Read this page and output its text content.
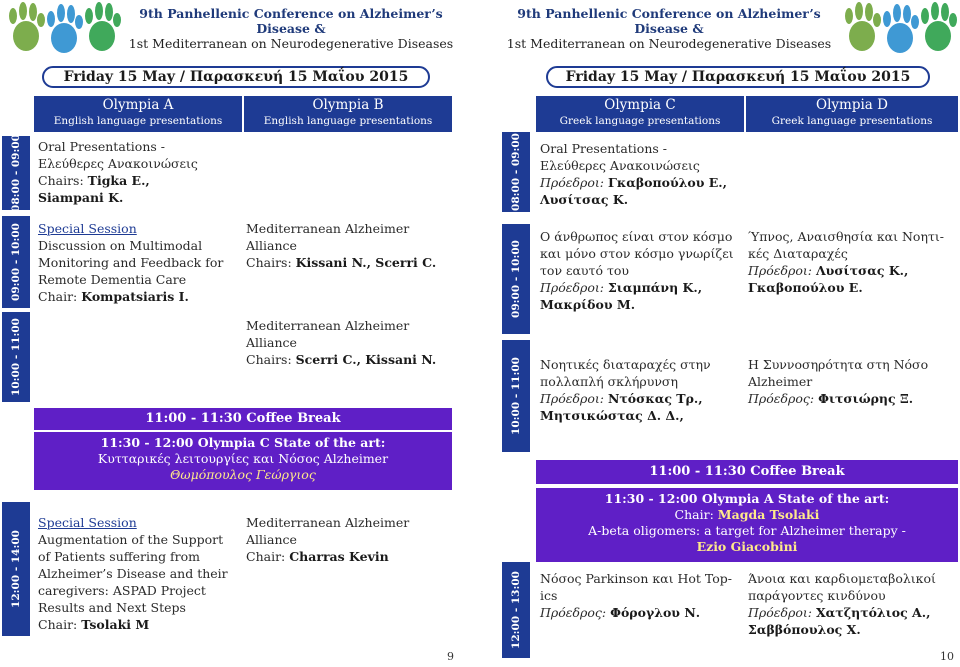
9th Panhellenic Conference on Alzheimer’s Disease &
1st Mediterranean on Neurodegenerative Diseases
Friday 15 May / Παρασκευή 15 Μαΐου 2015
Olympia A
English language presentations
Olympia B
English language presentations
08:00 - 09:00
09:00 - 10:00
10:00 - 11:00
12:00 - 14:00
Oral Presentations -
Ελεύθερες Ανακοινώσεις
Chairs: Tigka E.,
Siampani K.
Special Session
Discussion on Multimodal
Monitoring and Feedback for
Remote Dementia Care
Chair: Kompatsiaris I.
Mediterranean Alzheimer
Alliance
Chairs: Kissani N., Scerri C.
Mediterranean Alzheimer
Alliance
Chairs: Scerri C., Kissani N.
11:00 - 11:30 Coffee Break
11:30 - 12:00 Olympia C State of the art:
Κυτταρικές λειτουργίες και Νόσος Alzheimer
Θωμόπουλος Γεώργιος
Special Session
Augmentation of the Support
of Patients suffering from
Alzheimer’s Disease and their
caregivers: ASPAD Project
Results and Next Steps
Chair: Tsolaki M
Mediterranean Alzheimer
Alliance
Chair: Charras Kevin
9
9th Panhellenic Conference on Alzheimer’s Disease &
1st Mediterranean on Neurodegenerative Diseases
Friday 15 May / Παρασκευή 15 Μαΐου 2015
Olympia C
Greek language presentations
Olympia D
Greek language presentations
08:00 - 09:00
09:00 - 10:00
10:00 - 11:00
12:00 - 13:00
Oral Presentations -
Ελεύθερες Ανακοινώσεις
Πρόεδροι: Γκαβοπούλου Ε.,
Λυσίτσας Κ.
Ο άνθρωπος είναι στον κόσμο
και μόνο στον κόσμο γνωρίζει
τον εαυτό του
Πρόεδροι: Σιαμπάνη Κ.,
Μακρίδου Μ.
Ύπνος, Αναισθησία και Νοητι-
κές Διαταραχές
Πρόεδροι: Λυσίτσας Κ.,
Γκαβοπούλου Ε.
Νοητικές διαταραχές στην
πολλαπλή σκλήρυνση
Πρόεδροι: Ντόσκας Τρ.,
Μητσικώστας Δ. Δ.,
Η Συννοσηρότητα στη Νόσο
Alzheimer
Πρόεδρος: Φιτσιώρης Ξ.
11:00 - 11:30 Coffee Break
11:30 - 12:00 Olympia A State of the art:
Chair: Magda Tsolaki
A-beta oligomers: a target for Alzheimer therapy -
Ezio Giacobini
Νόσος Parkinson και Hot Top-
ics
Πρόεδρος: Φόρογλου Ν.
Άνοια και καρδιομεταβολικοί
παράγοντες κινδύνου
Πρόεδροι: Χατζητόλιος Α.,
Σαββόπουλος Χ.
10
